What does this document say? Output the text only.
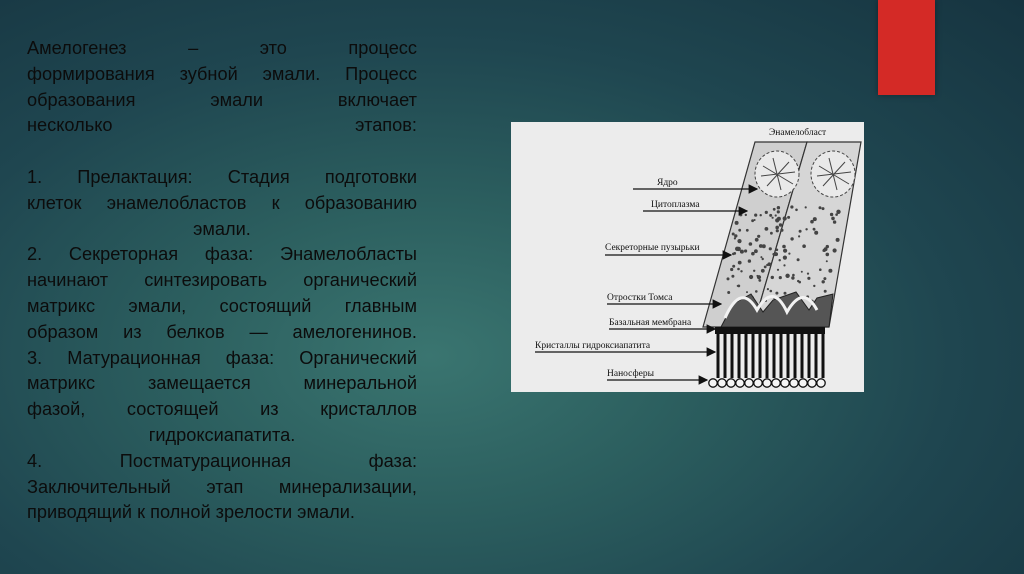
Амелогенез – это процесс

формирования зубной эмали. Процесс

образования эмали включает

несколько этапов:

1. Прелактация: Стадия подготовки

клеток энамелобластов к образованию

эмали.

2. Секреторная фаза: Энамелобласты

начинают синтезировать органический

матрикс эмали, состоящий главным

образом из белков — амелогенинов.

3. Матурационная фаза: Органический

матрикс замещается минеральной

фазой, состоящей из кристаллов

гидроксиапатита.

4. Постматурационная фаза:

Заключительный этап минерализации,

приводящий к полной зрелости эмали.

Энамелобласт
Ядро
Цитоплазма
Секреторные пузырьки
Отростки Томса
Базальная мембрана
Кристаллы гидроксиапатита
Наносферы
